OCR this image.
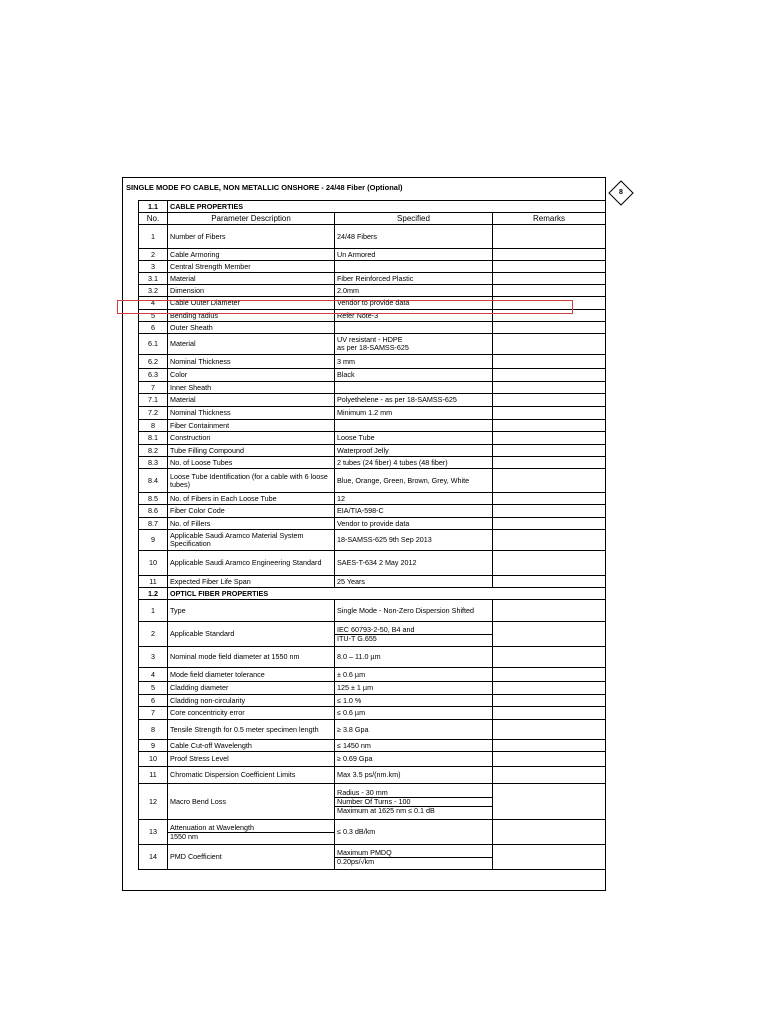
SINGLE MODE FO CABLE, NON METALLIC ONSHORE - 24/48 Fiber (Optional)
1.1	CABLE PROPERTIES		
No.	Parameter Description	Specified	Remarks
1	Number of Fibers	24/48 Fibers	
2	Cable Armoring	Un Armored	
3	Central Strength Member		
3.1	Material	Fiber Reinforced Plastic	
3.2	Dimension	2.0mm	
4	Cable Outer Diameter	Vendor to provide data	
5	Bending radius	Refer Note-3	
6	Outer Sheath		
6.1	Material	UV resistant - HDPE
as per 18-SAMSS-625	
6.2	Nominal Thickness	3 mm	
6.3	Color	Black	
7	Inner Sheath		
7.1	Material	Polyethelene - as per 18-SAMSS-625	
7.2	Nominal Thickness	Minimum 1.2 mm	
8	Fiber Containment		
8.1	Construction	Loose Tube	
8.2	Tube Filling Compound	Waterproof Jelly	
8.3	No. of Loose Tubes	2 tubes (24 fiber) 4 tubes (48 fiber)	
8.4	Loose Tube Identification (for a cable with 6 loose tubes)	Blue, Orange, Green, Brown, Grey, White	
8.5	No. of Fibers in Each Loose Tube	12	
8.6	Fiber Color Code	EIA/TIA-598-C	
8.7	No. of Fillers	Vendor to provide data	
9	Applicable Saudi Aramco Material System Specification	18-SAMSS-625 9th Sep 2013	
10	Applicable Saudi Aramco Engineering Standard	SAES-T-634 2 May 2012	
11	Expected Fiber Life Span	25 Years	
1.2	OPTICL FIBER PROPERTIES		
1	Type	Single Mode - Non-Zero Dispersion Shifted	
2	Applicable Standard	IEC 60793-2-50, B4 and
ITU-T G.655	

3	Nominal mode field diameter at 1550 nm	8.0 – 11.0 µm	
4	Mode field diameter tolerance	± 0.6 µm	
5	Cladding diameter	125 ± 1 µm	
6	Cladding non-circularity	≤ 1.0 %	
7	Core concentricity error	≤ 0.6 µm	
8	Tensile Strength for 0.5 meter specimen length	≥ 3.8 Gpa	
9	Cable Cut-off Wavelength	≤ 1450 nm	
10	Proof Stress Level	≥ 0.69 Gpa	
11	Chromatic Dispersion Coefficient Limits	Max 3.5 ps/(nm.km)	
12	Macro Bend Loss	Radius - 30 mm
Number Of Turns - 100
Maximum at 1625 nm ≤ 0.1 dB	

13	Attenuation at Wavelength
1550 nm	≤ 0.3 dB/km	
14	PMD Coefficient	Maximum PMDQ
0.20ps/√km	

8
